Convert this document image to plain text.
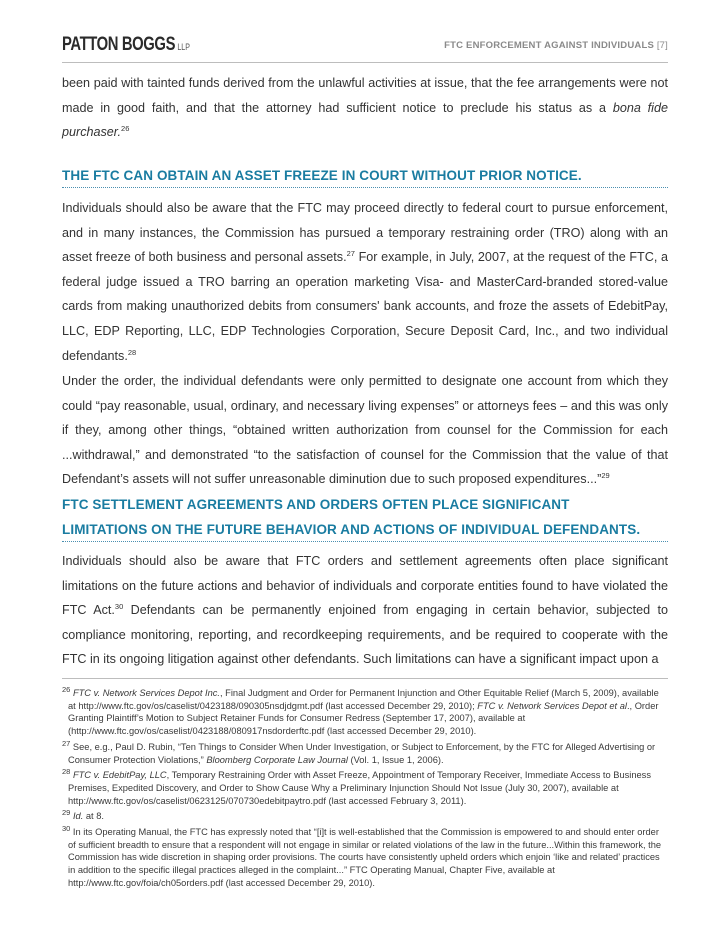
PATTON BOGGS LLP	FTC ENFORCEMENT AGAINST INDIVIDUALS [7]

been paid with tainted funds derived from the unlawful activities at issue, that the fee arrangements were not made in good faith, and that the attorney had sufficient notice to preclude his status as a bona fide purchaser.$^{26}$

THE FTC CAN OBTAIN AN ASSET FREEZE IN COURT WITHOUT PRIOR NOTICE.

Individuals should also be aware that the FTC may proceed directly to federal court to pursue enforcement, and in many instances, the Commission has pursued a temporary restraining order (TRO) along with an asset freeze of both business and personal assets.$^{27}$ For example, in July, 2007, at the request of the FTC, a federal judge issued a TRO barring an operation marketing Visa- and MasterCard-branded stored-value cards from making unauthorized debits from consumers' bank accounts, and froze the assets of EdebitPay, LLC, EDP Reporting, LLC, EDP Technologies Corporation, Secure Deposit Card, Inc., and two individual defendants.$^{28}$

Under the order, the individual defendants were only permitted to designate one account from which they could “pay reasonable, usual, ordinary, and necessary living expenses” or attorneys fees – and this was only if they, among other things, “obtained written authorization from counsel for the Commission for each ...withdrawal,” and demonstrated “to the satisfaction of counsel for the Commission that the value of that Defendant’s assets will not suffer unreasonable diminution due to such proposed expenditures...”$^{29}$

FTC SETTLEMENT AGREEMENTS AND ORDERS OFTEN PLACE SIGNIFICANT
LIMITATIONS ON THE FUTURE BEHAVIOR AND ACTIONS OF INDIVIDUAL DEFENDANTS.

Individuals should also be aware that FTC orders and settlement agreements often place significant limitations on the future actions and behavior of individuals and corporate entities found to have violated the FTC Act.$^{30}$ Defendants can be permanently enjoined from engaging in certain behavior, subjected to compliance monitoring, reporting, and recordkeeping requirements, and be required to cooperate with the FTC in its ongoing litigation against other defendants. Such limitations can have a significant impact upon a

$^{26}$ FTC v. Network Services Depot Inc., Final Judgment and Order for Permanent Injunction and Other Equitable Relief (March 5, 2009), available at http://www.ftc.gov/os/caselist/0423188/090305nsdjdgmt.pdf (last accessed December 29, 2010); FTC v. Network Services Depot et al., Order Granting Plaintiff’s Motion to Subject Retainer Funds for Consumer Redress (September 17, 2007), available at (http://www.ftc.gov/os/caselist/0423188/080917nsdorderftc.pdf (last accessed December 29, 2010).

$^{27}$ See, e.g., Paul D. Rubin, “Ten Things to Consider When Under Investigation, or Subject to Enforcement, by the FTC for Alleged Advertising or Consumer Protection Violations,” Bloomberg Corporate Law Journal (Vol. 1, Issue 1, 2006).

$^{28}$ FTC v. EdebitPay, LLC, Temporary Restraining Order with Asset Freeze, Appointment of Temporary Receiver, Immediate Access to Business Premises, Expedited Discovery, and Order to Show Cause Why a Preliminary Injunction Should Not Issue (July 30, 2007), available at http://www.ftc.gov/os/caselist/0623125/070730edebitpaytro.pdf (last accessed February 3, 2011).

$^{29}$ Id. at 8.

$^{30}$ In its Operating Manual, the FTC has expressly noted that “[i]t is well-established that the Commission is empowered to and should enter order of sufficient breadth to ensure that a respondent will not engage in similar or related violations of the law in the future...Within this framework, the Commission has wide discretion in shaping order provisions. The courts have consistently upheld orders which enjoin ‘like and related’ practices in addition to the specific illegal practices alleged in the complaint...” FTC Operating Manual, Chapter Five, available at http://www.ftc.gov/foia/ch05orders.pdf (last accessed December 29, 2010).
